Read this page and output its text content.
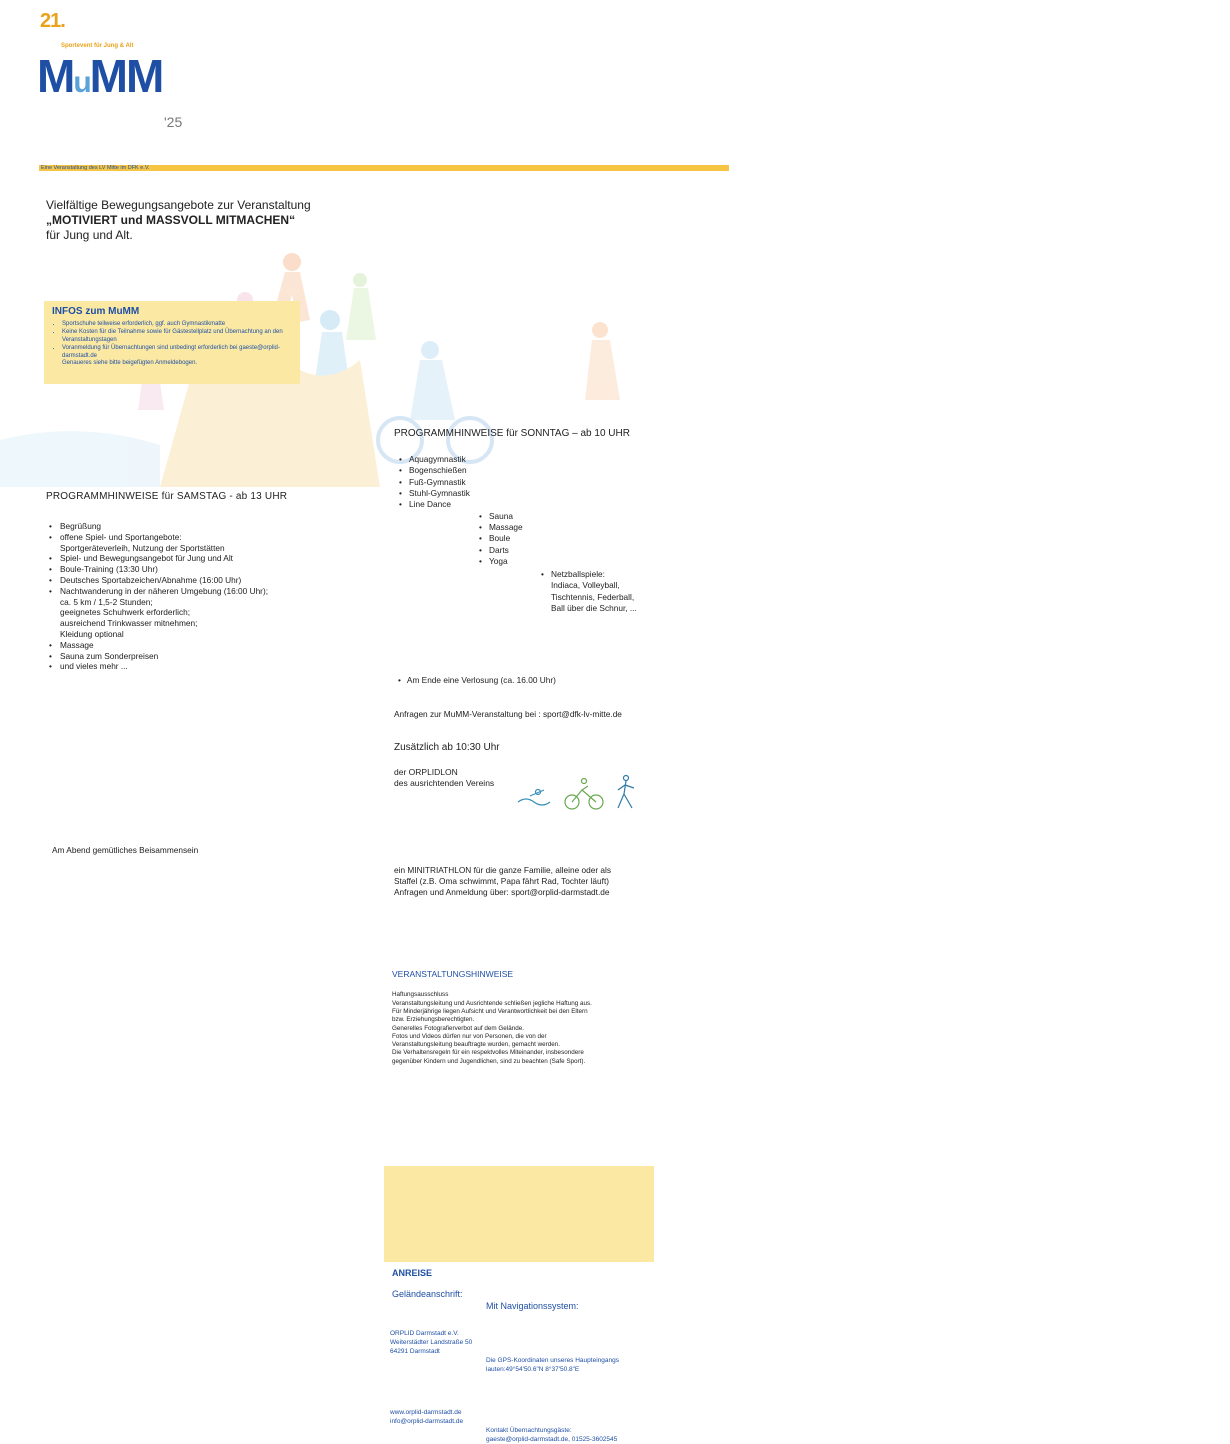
21.
Sportevent für Jung & Alt
MuMM
'25
Eine Veranstaltung des LV Mitte im DFK e.V.
Vielfältige Bewegungsangebote zur Veranstaltung
„MOTIVIERT und MASSVOLL MITMACHEN“
für Jung und Alt.
INFOS zum MuMM
• Sportschuhe teilweise erforderlich, ggf. auch Gymnastikmatte
• Keine Kosten für die Teilnahme sowie für Gästestellplatz und Übernachtung an den Veranstaltungstagen
• Voranmeldung für Übernachtungen sind unbedingt erforderlich bei gaeste@orplid-darmstadt.de
Genaueres siehe bitte beigefügten Anmeldebogen.
PROGRAMMHINWEISE für SAMSTAG - ab 13 UHR
• Begrüßung
• offene Spiel- und Sportangebote:
Sportgeräteverleih, Nutzung der Sportstätten
• Spiel- und Bewegungsangebot für Jung und Alt
• Boule-Training (13:30 Uhr)
• Deutsches Sportabzeichen/Abnahme (16:00 Uhr)
• Nachtwanderung in der näheren Umgebung (16:00 Uhr);
ca. 5 km / 1,5-2 Stunden;
geeignetes Schuhwerk erforderlich;
ausreichend Trinkwasser mitnehmen;
Kleidung optional
• Massage
• Sauna zum Sonderpreisen
• und vieles mehr ...
Am Abend gemütliches Beisammensein
PROGRAMMHINWEISE für SONNTAG – ab 10 UHR
• Aquagymnastik
• Bogenschießen
• Fuß-Gymnastik
• Stuhl-Gymnastik
• Line Dance
• Sauna
• Massage
• Boule
• Darts
• Yoga
• Netzballspiele:
Indiaca, Volleyball,
Tischtennis, Federball,
Ball über die Schnur, ...
• Am Ende eine Verlosung (ca. 16.00 Uhr)
Anfragen zur MuMM-Veranstaltung bei : sport@dfk-lv-mitte.de
Zusätzlich ab 10:30 Uhr
der ORPLIDLON
des ausrichtenden Vereins
ein MINITRIATHLON für die ganze Familie, alleine oder als
Staffel (z.B. Oma schwimmt, Papa fährt Rad, Tochter läuft)
Anfragen und Anmeldung über: sport@orplid-darmstadt.de
VERANSTALTUNGSHINWEISE
Haftungsausschluss
Veranstaltungsleitung und Ausrichtende schließen jegliche Haftung aus.
Für Minderjährige liegen Aufsicht und Verantwortlichkeit bei den Eltern
bzw. Erziehungsberechtigten.
Generelles Fotografierverbot auf dem Gelände.
Fotos und Videos dürfen nur von Personen, die von der
Veranstaltungsleitung beauftragte wurden, gemacht werden.
Die Verhaltensregeln für ein respektvolles Miteinander, insbesondere
gegenüber Kindern und Jugendlichen, sind zu beachten (Safe Sport).
ANREISE
Geländeanschrift:
Mit Navigationssystem:
ORPLID Darmstadt e.V.
Weiterstädter Landstraße 50
64291 Darmstadt
Die GPS-Koordinaten unseres Haupteingangs
lauten:49°54'50.6"N 8°37'50.8"E
www.orplid-darmstadt.de
info@orplid-darmstadt.de
Kontakt Übernachtungsgäste:
gaeste@orplid-darmstadt.de, 01525-3602545
